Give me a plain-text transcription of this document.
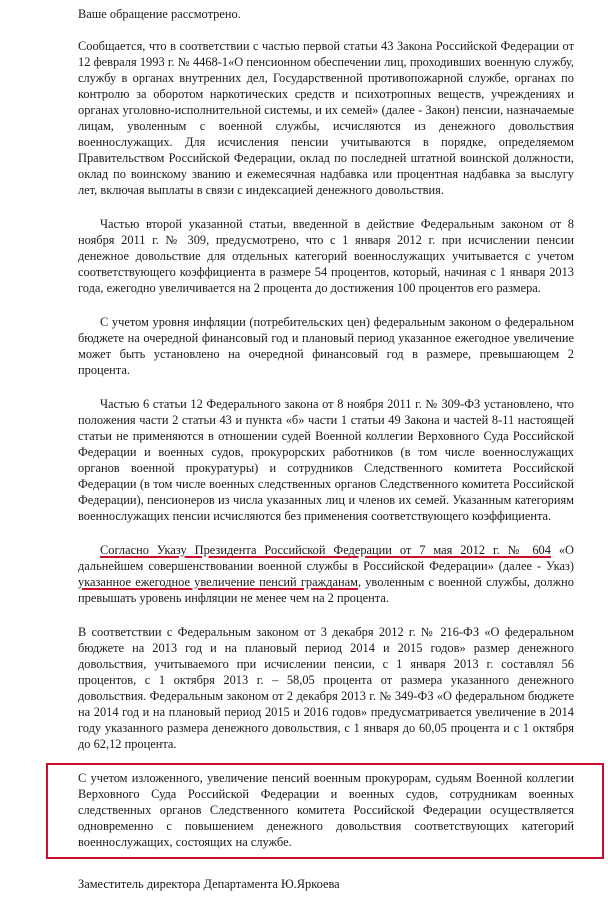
Ваше обращение рассмотрено.

Сообщается, что в соответствии с частью первой статьи 43 Закона Российской Федерации от 12 февраля 1993 г. № 4468-1«О пенсионном обеспечении лиц, проходивших военную службу, службу в органах внутренних дел, Государственной противопожарной службе, органах по контролю за оборотом наркотических средств и психотропных веществ, учреждениях и органах уголовно-исполнительной системы, и их семей» (далее - Закон) пенсии, назначаемые лицам, уволенным с военной службы, исчисляются из денежного довольствия военнослужащих. Для исчисления пенсии учитываются в порядке, определяемом Правительством Российской Федерации, оклад по последней штатной воинской должности, оклад по воинскому званию и ежемесячная надбавка или процентная надбавка за выслугу лет, включая выплаты в связи с индексацией денежного довольствия.

Частью второй указанной статьи, введенной в действие Федеральным законом от 8 ноября 2011 г. № 309, предусмотрено, что с 1 января 2012 г. при исчислении пенсии денежное довольствие для отдельных категорий военнослужащих учитывается с учетом соответствующего коэффициента в размере 54 процентов, который, начиная с 1 января 2013 года, ежегодно увеличивается на 2 процента до достижения 100 процентов его размера.

С учетом уровня инфляции (потребительских цен) федеральным законом о федеральном бюджете на очередной финансовый год и плановый период указанное ежегодное увеличение может быть установлено на очередной финансовый год в размере, превышающем 2 процента.

Частью 6 статьи 12 Федерального закона от 8 ноября 2011 г. № 309-ФЗ установлено, что положения части 2 статьи 43 и пункта «б» части 1 статьи 49 Закона и частей 8-11 настоящей статьи не применяются в отношении судей Военной коллегии Верховного Суда Российской Федерации и военных судов, прокурорских работников (в том числе военнослужащих органов военной прокуратуры) и сотрудников Следственного комитета Российской Федерации (в том числе военных следственных органов Следственного комитета Российской Федерации), пенсионеров из числа указанных лиц и членов их семей. Указанным категориям военнослужащих пенсии исчисляются без применения соответствующего коэффициента.

Согласно Указу Президента Российской Федерации от 7 мая 2012 г. № 604 «О дальнейшем совершенствовании военной службы в Российской Федерации» (далее - Указ) указанное ежегодное увеличение пенсий гражданам, уволенным с военной службы, должно превышать уровень инфляции не менее чем на 2 процента.

В соответствии с Федеральным законом от 3 декабря 2012 г. № 216-ФЗ «О федеральном бюджете на 2013 год и на плановый период 2014 и 2015 годов» размер денежного довольствия, учитываемого при исчислении пенсии, с 1 января 2013 г. составлял 56 процентов, с 1 октября 2013 г. – 58,05 процента от размера указанного денежного довольствия. Федеральным законом от 2 декабря 2013 г. № 349-ФЗ «О федеральном бюджете на 2014 год и на плановый период 2015 и 2016 годов» предусматривается увеличение в 2014 году указанного размера денежного довольствия, с 1 января до 60,05 процента и с 1 октября до 62,12 процента.

С учетом изложенного, увеличение пенсий военным прокурорам, судьям Военной коллегии Верховного Суда Российской Федерации и военных судов, сотрудникам военных следственных органов Следственного комитета Российской Федерации осуществляется одновременно с повышением денежного довольствия соответствующих категорий военнослужащих, состоящих на службе.

Заместитель директора Департамента Ю.Яркоева
